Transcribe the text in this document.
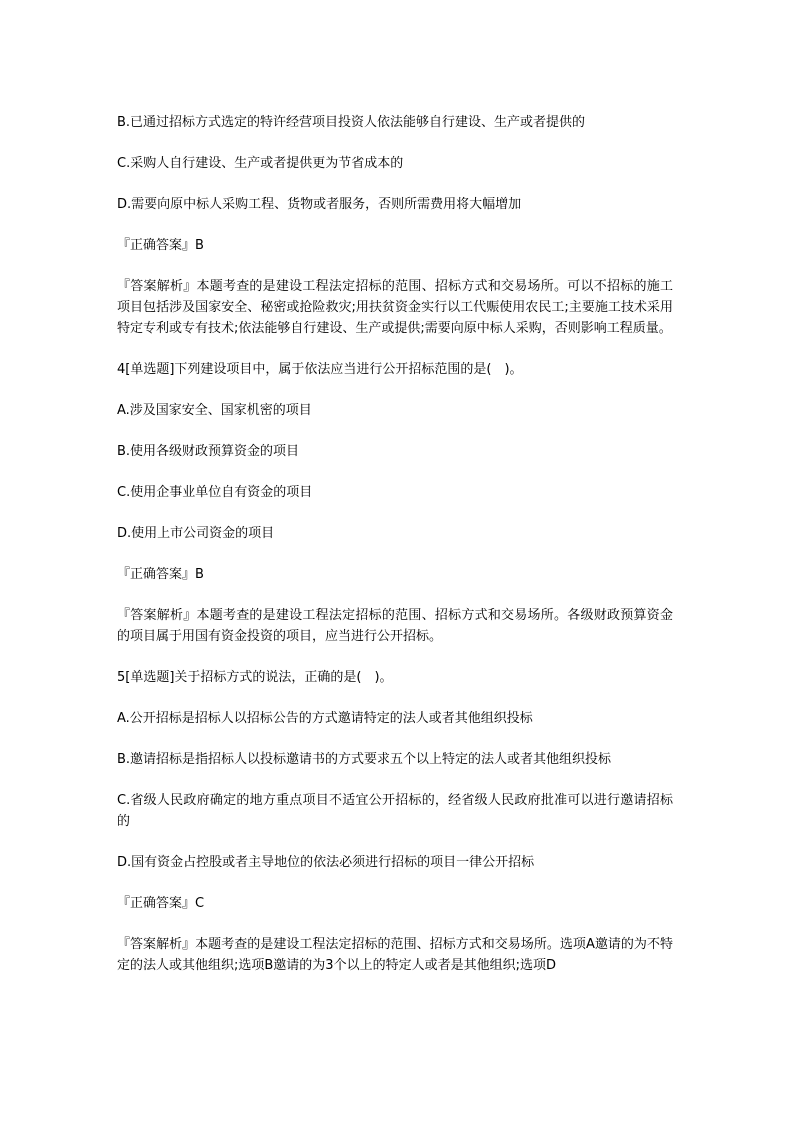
B.已通过招标方式选定的特许经营项目投资人依法能够自行建设、生产或者提供的

C.采购人自行建设、生产或者提供更为节省成本的

D.需要向原中标人采购工程、货物或者服务，否则所需费用将大幅增加

『正确答案』B

『答案解析』本题考查的是建设工程法定招标的范围、招标方式和交易场所。可以不招标的施工项目包括涉及国家安全、秘密或抢险救灾;用扶贫资金实行以工代赈使用农民工;主要施工技术采用特定专利或专有技术;依法能够自行建设、生产或提供;需要向原中标人采购，否则影响工程质量。

4[单选题]下列建设项目中，属于依法应当进行公开招标范围的是(　)。

A.涉及国家安全、国家机密的项目

B.使用各级财政预算资金的项目

C.使用企事业单位自有资金的项目

D.使用上市公司资金的项目

『正确答案』B

『答案解析』本题考查的是建设工程法定招标的范围、招标方式和交易场所。各级财政预算资金的项目属于用国有资金投资的项目，应当进行公开招标。

5[单选题]关于招标方式的说法，正确的是(　)。

A.公开招标是招标人以招标公告的方式邀请特定的法人或者其他组织投标

B.邀请招标是指招标人以投标邀请书的方式要求五个以上特定的法人或者其他组织投标

C.省级人民政府确定的地方重点项目不适宜公开招标的，经省级人民政府批准可以进行邀请招标的

D.国有资金占控股或者主导地位的依法必须进行招标的项目一律公开招标

『正确答案』C

『答案解析』本题考查的是建设工程法定招标的范围、招标方式和交易场所。选项A邀请的为不特定的法人或其他组织;选项B邀请的为3个以上的特定人或者是其他组织;选项D
